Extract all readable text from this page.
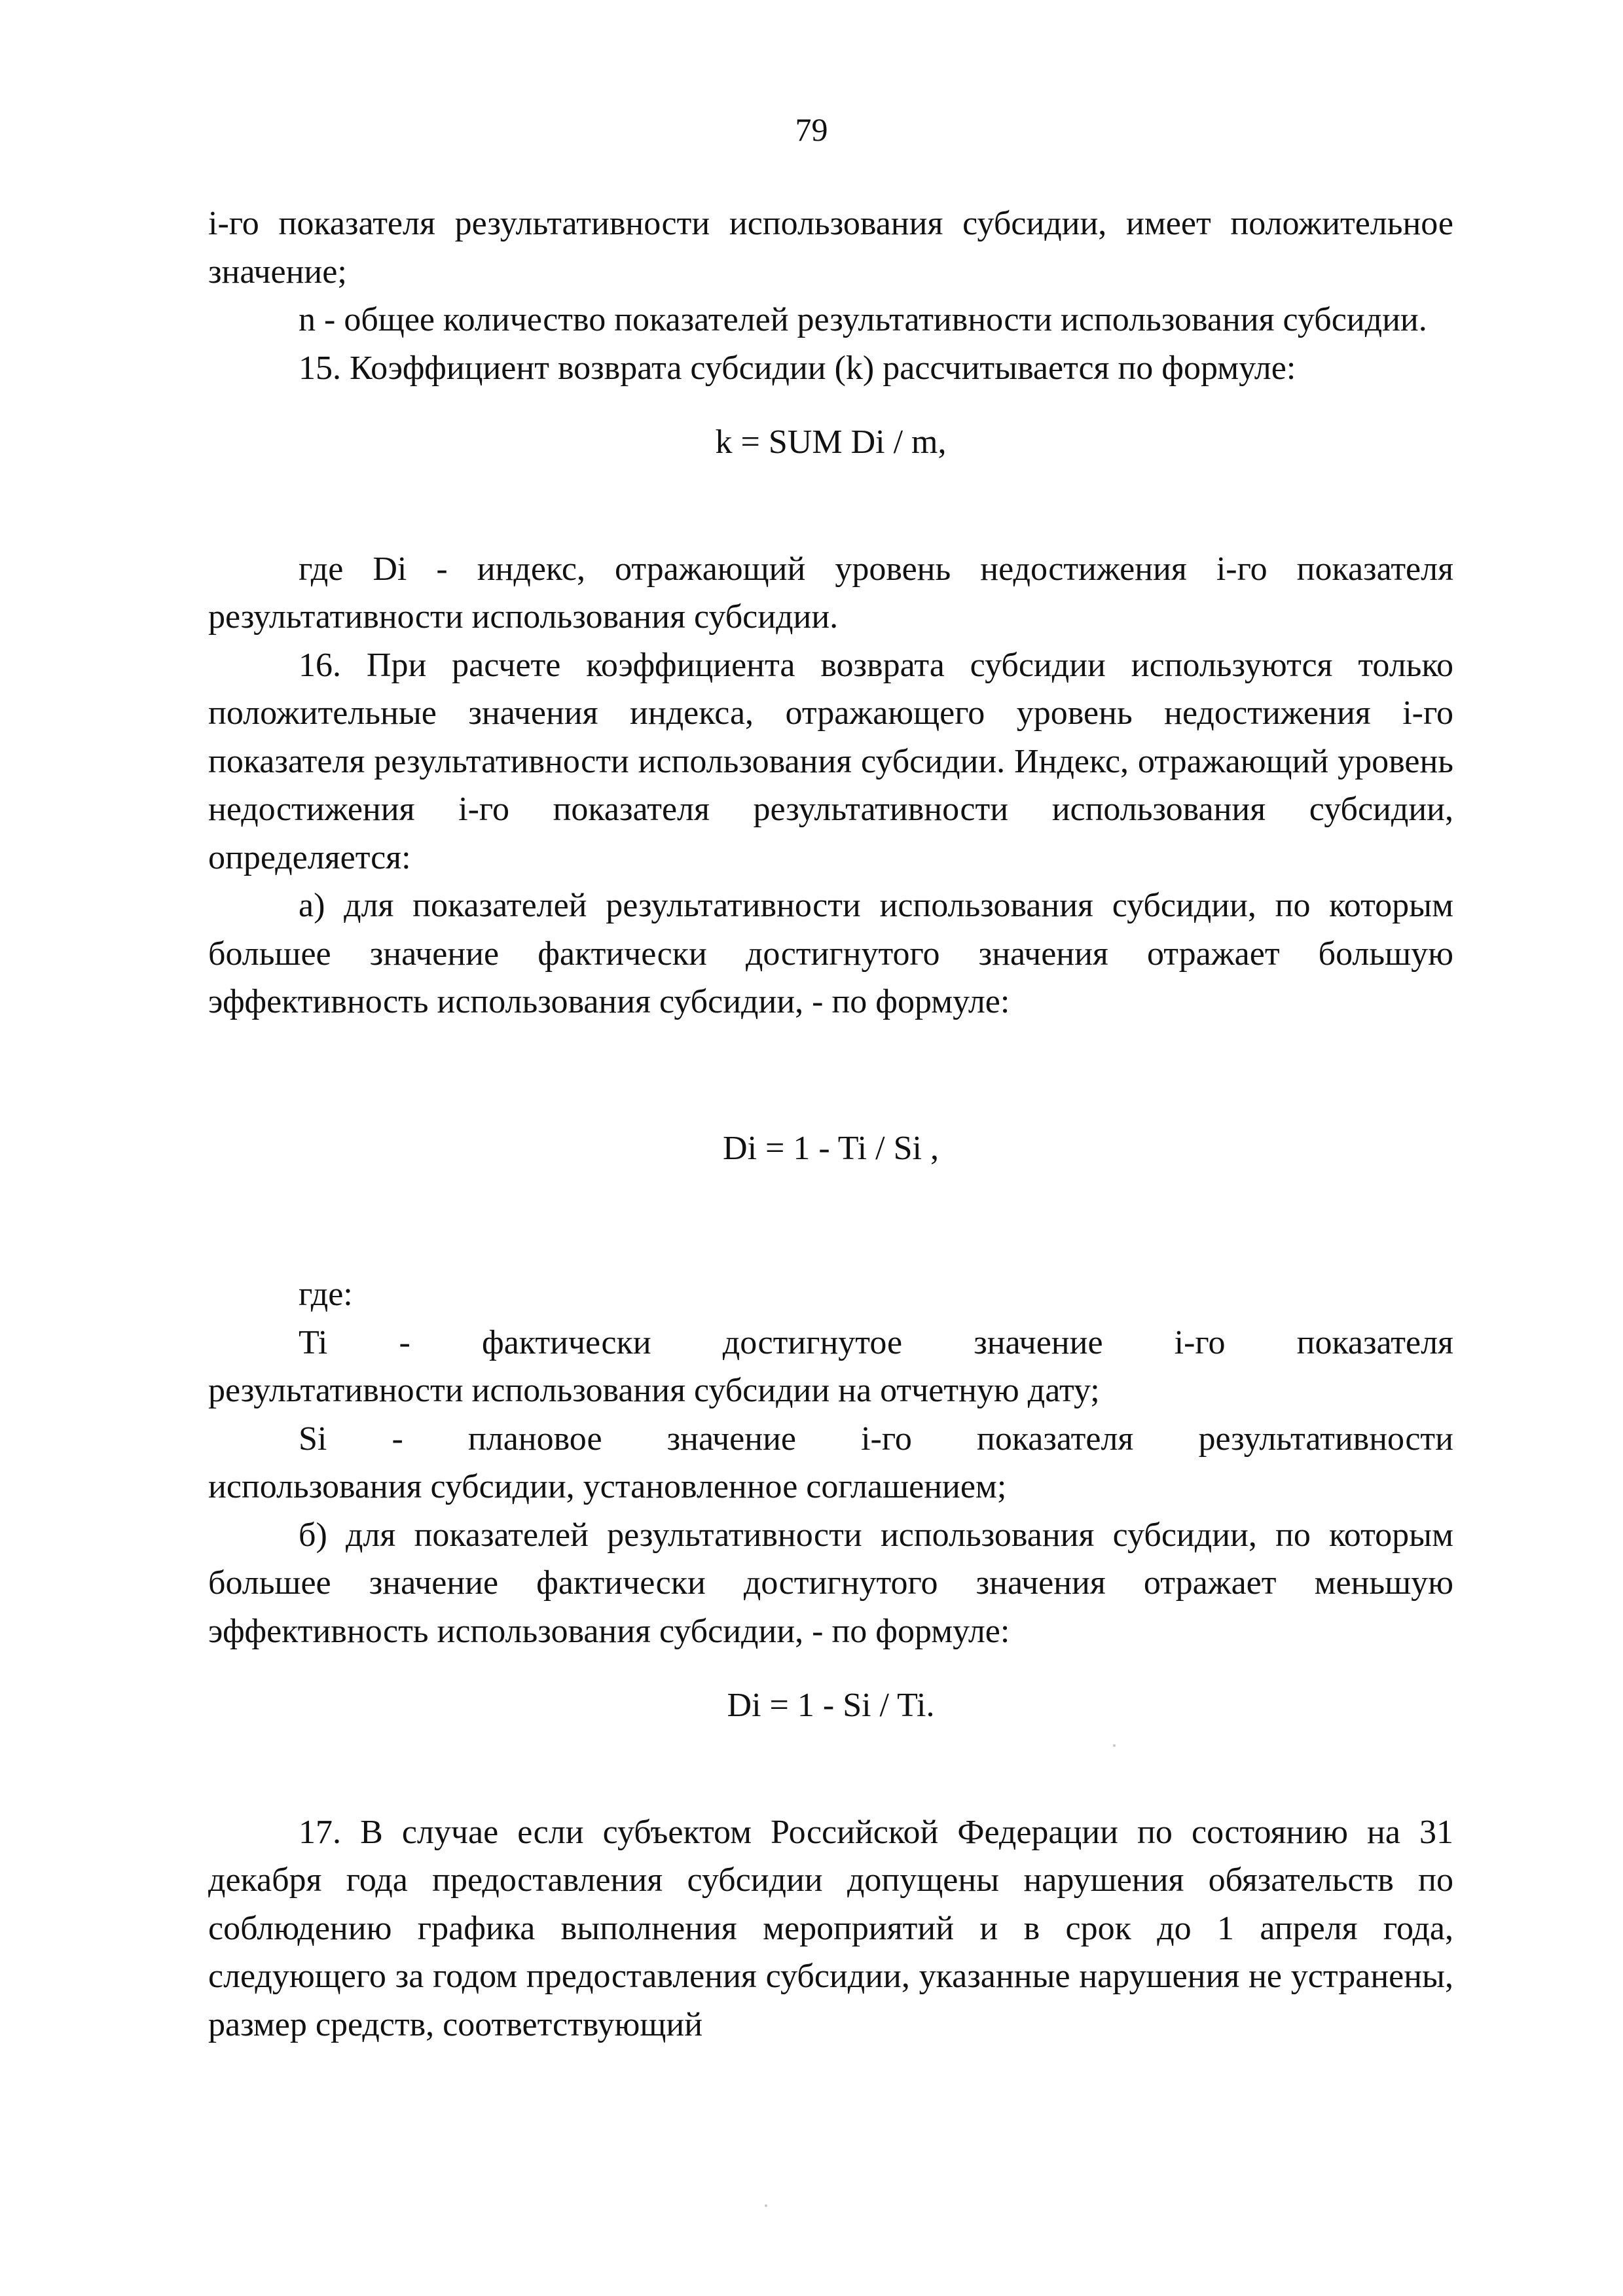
79

i-го показателя результативности использования субсидии, имеет положительное значение;

n - общее количество показателей результативности использования субсидии.

15. Коэффициент возврата субсидии (k) рассчитывается по формуле:

k = SUM Di / m,

где Di - индекс, отражающий уровень недостижения i-го показателя результативности использования субсидии.

16. При расчете коэффициента возврата субсидии используются только положительные значения индекса, отражающего уровень недостижения i-го показателя результативности использования субсидии. Индекс, отражающий уровень недостижения i-го показателя результативности использования субсидии, определяется:

а) для показателей результативности использования субсидии, по которым большее значение фактически достигнутого значения отражает большую эффективность использования субсидии, - по формуле:

Di = 1 - Ti / Si ,

где:

Ti - фактически достигнутое значение i-го показателя

результативности использования субсидии на отчетную дату;

Si - плановое значение i-го показателя результативности

использования субсидии, установленное соглашением;

б) для показателей результативности использования субсидии, по которым большее значение фактически достигнутого значения отражает меньшую эффективность использования субсидии, - по формуле:

Di = 1 - Si / Ti.

17. В случае если субъектом Российской Федерации по состоянию на 31 декабря года предоставления субсидии допущены нарушения обязательств по соблюдению графика выполнения мероприятий и в срок до 1 апреля года, следующего за годом предоставления субсидии, указанные нарушения не устранены, размер средств, соответствующий
